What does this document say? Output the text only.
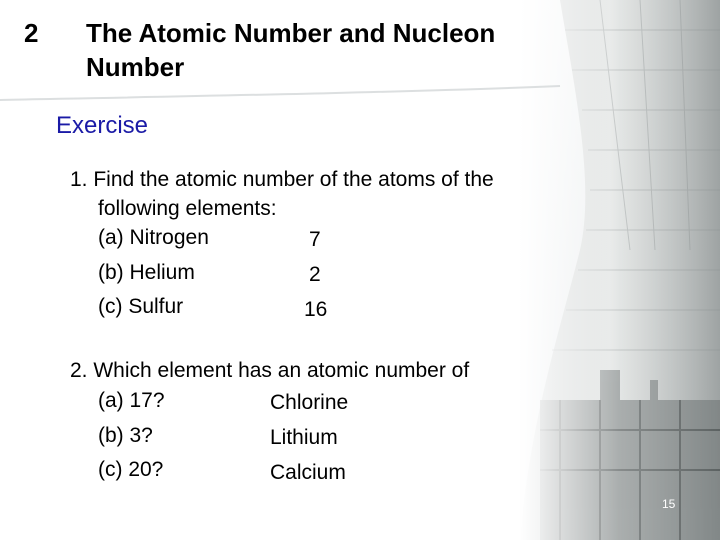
2 The Atomic Number and Nucleon
Number
Exercise
1. Find the atomic number of the atoms of the
following elements:
(a) Nitrogen	7
(b) Helium	2
(c) Sulfur	16
2. Which element has an atomic number of
(a) 17?	Chlorine
(b) 3?	Lithium
(c) 20?	Calcium
15
